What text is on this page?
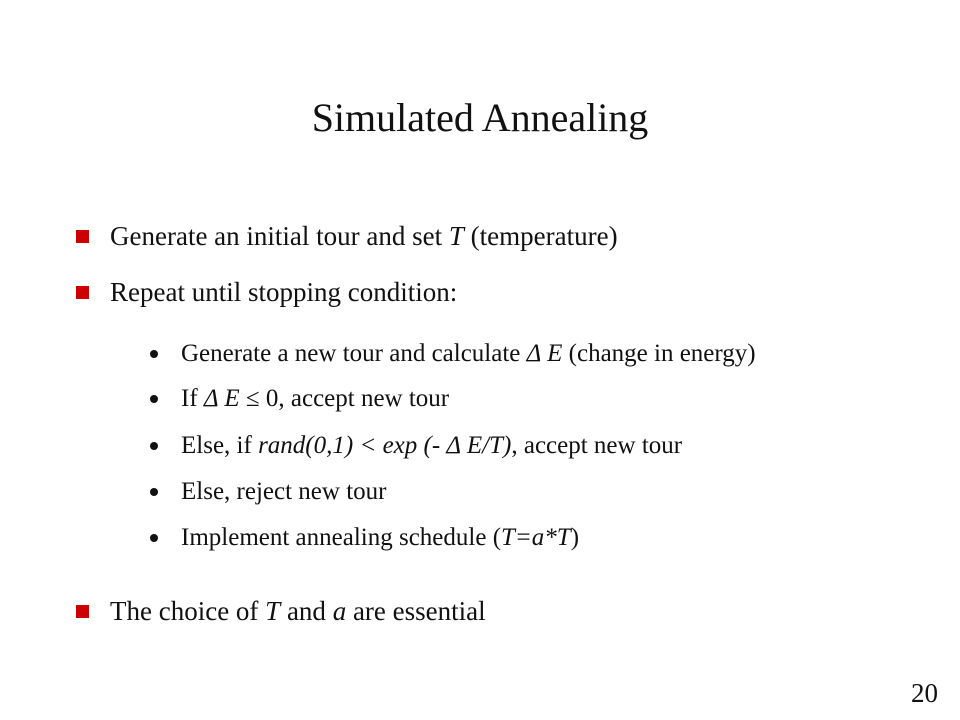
Simulated Annealing
Generate an initial tour and set T (temperature)
Repeat until stopping condition:
Generate a new tour and calculate Δ E (change in energy)
If Δ E ≤ 0, accept new tour
Else, if rand(0,1) < exp (- Δ E/T), accept new tour
Else, reject new tour
Implement annealing schedule (T=a*T)
The choice of T and a are essential
20
